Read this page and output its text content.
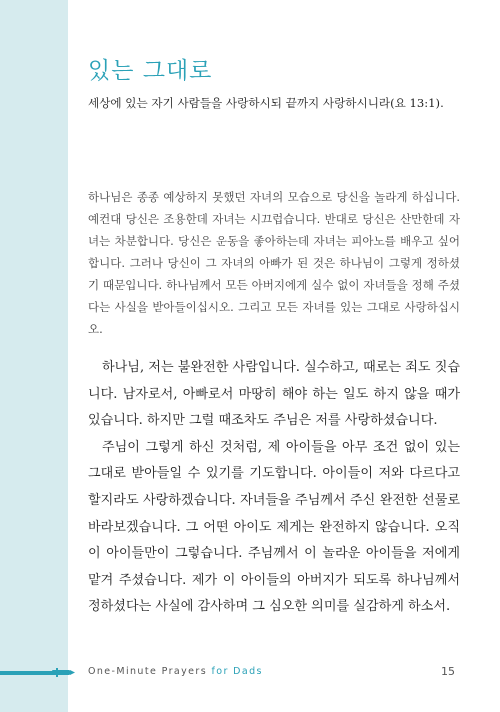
있는 그대로
세상에 있는 자기 사람들을 사랑하시되 끝까지 사랑하시니라(요 13:1).
하나님은 종종 예상하지 못했던 자녀의 모습으로 당신을 놀라게 하십니다. 예컨대 당신은 조용한데 자녀는 시끄럽습니다. 반대로 당신은 산만한데 자녀는 차분합니다. 당신은 운동을 좋아하는데 자녀는 피아노를 배우고 싶어합니다. 그러나 당신이 그 자녀의 아빠가 된 것은 하나님이 그렇게 정하셨기 때문입니다. 하나님께서 모든 아버지에게 실수 없이 자녀들을 정해 주셨다는 사실을 받아들이십시오. 그리고 모든 자녀를 있는 그대로 사랑하십시오.

하나님, 저는 불완전한 사람입니다. 실수하고, 때로는 죄도 짓습니다. 남자로서, 아빠로서 마땅히 해야 하는 일도 하지 않을 때가 있습니다. 하지만 그럴 때조차도 주님은 저를 사랑하셨습니다.

주님이 그렇게 하신 것처럼, 제 아이들을 아무 조건 없이 있는 그대로 받아들일 수 있기를 기도합니다. 아이들이 저와 다르다고 할지라도 사랑하겠습니다. 자녀들을 주님께서 주신 완전한 선물로 바라보겠습니다. 그 어떤 아이도 제게는 완전하지 않습니다. 오직 이 아이들만이 그렇습니다. 주님께서 이 놀라운 아이들을 저에게 맡겨 주셨습니다. 제가 이 아이들의 아버지가 되도록 하나님께서 정하셨다는 사실에 감사하며 그 심오한 의미를 실감하게 하소서.

One-Minute Prayers for Dads	15
